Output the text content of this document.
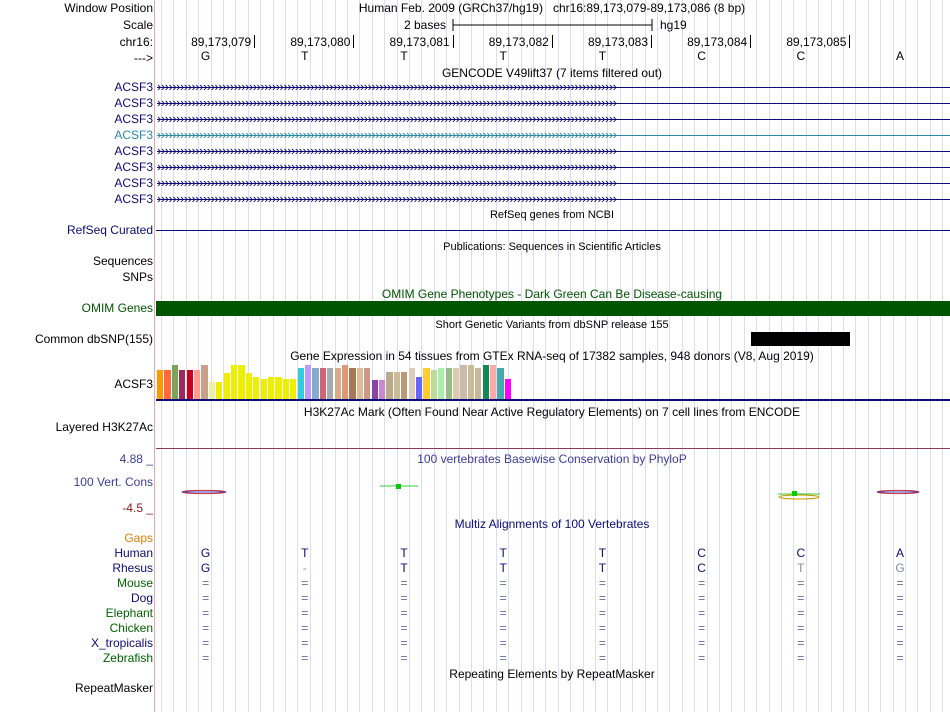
Window Position	Human Feb. 2009 (GRCh37/hg19)   chr16:89,173,079-89,173,086 (8 bp)
Scale	2 bases	hg19
chr16:	89,173,079	89,173,080	89,173,081	89,173,082	89,173,083	89,173,084	89,173,085
--->	G	T	T	T	T	C	C	A
GENCODE V49lift37 (7 items filtered out)
ACSF3 ››››››››››››››››››››››››››››››››››››››››››››››››››››››››››››››››››››››››››››››››››››››››››››››››››››››››››››››››››››››››
ACSF3 ››››››››››››››››››››››››››››››››››››››››››››››››››››››››››››››››››››››››››››››››››››››››››››››››››››››››››››››››››››››››
ACSF3 ››››››››››››››››››››››››››››››››››››››››››››››››››››››››››››››››››››››››››››››››››››››››››››››››››››››››››››››››››››››››
ACSF3 ››››››››››››››››››››››››››››››››››››››››››››››››››››››››››››››››››››››››››››››››››››››››››››››››››››››››››››››››››››››››
ACSF3 ››››››››››››››››››››››››››››››››››››››››››››››››››››››››››››››››››››››››››››››››››››››››››››››››››››››››››››››››››››››››
ACSF3 ››››››››››››››››››››››››››››››››››››››››››››››››››››››››››››››››››››››››››››››››››››››››››››››››››››››››››››››››››››››››
ACSF3 ››››››››››››››››››››››››››››››››››››››››››››››››››››››››››››››››››››››››››››››››››››››››››››››››››››››››››››››››››››››››
ACSF3 ››››››››››››››››››››››››››››››››››››››››››››››››››››››››››››››››››››››››››››››››››››››››››››››››››››››››››››››››››››››››
RefSeq genes from NCBI
RefSeq Curated
Publications: Sequences in Scientific Articles
Sequences
SNPs
OMIM Gene Phenotypes - Dark Green Can Be Disease-causing
OMIM Genes
Short Genetic Variants from dbSNP release 155
Common dbSNP(155)
Gene Expression in 54 tissues from GTEx RNA-seq of 17382 samples, 948 donors (V8, Aug 2019)
ACSF3
H3K27Ac Mark (Often Found Near Active Regulatory Elements) on 7 cell lines from ENCODE
Layered H3K27Ac
4.88 _	100 vertebrates Basewise Conservation by PhyloP
100 Vert. Cons
-4.5 _
Multiz Alignments of 100 Vertebrates
Gaps
Human	G	T	T	T	T	C	C	A
Rhesus	G	-	T	T	T	C	T	G
Mouse	=	=	=	=	=	=	=	=
Dog	=	=	=	=	=	=	=	=
Elephant	=	=	=	=	=	=	=	=
Chicken	=	=	=	=	=	=	=	=
X_tropicalis	=	=	=	=	=	=	=	=
Zebrafish	=	=	=	=	=	=	=	=
Repeating Elements by RepeatMasker
RepeatMasker
